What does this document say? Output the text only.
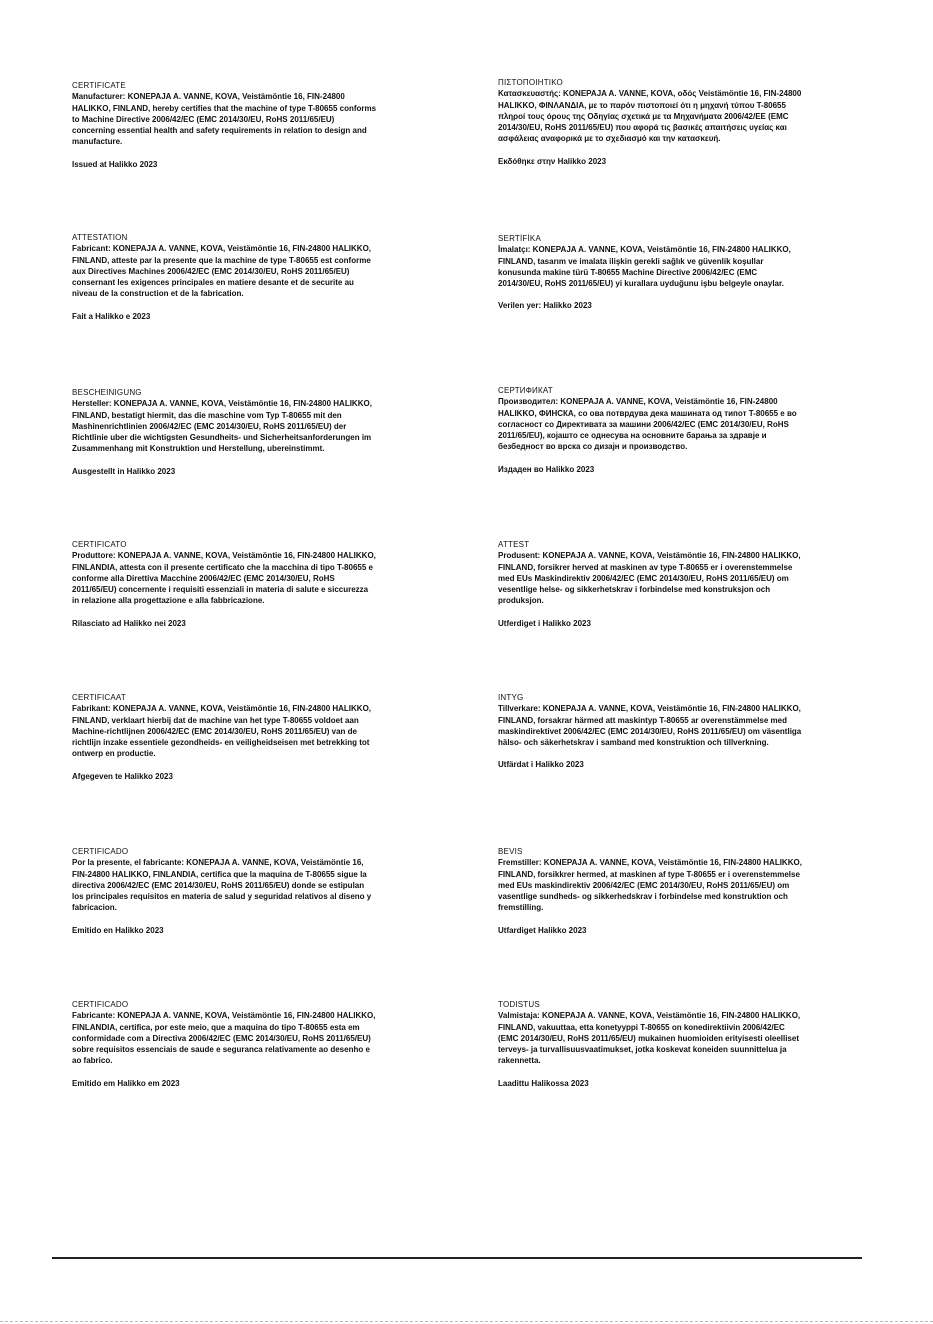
CERTIFICATE
Manufacturer: KONEPAJA A. VANNE, KOVA, Veistämöntie 16, FIN-24800 HALIKKO, FINLAND, hereby certifies that the machine of type T-80655 conforms to Machine Directive 2006/42/EC (EMC 2014/30/EU, RoHS 2011/65/EU) concerning essential health and safety requirements in relation to design and manufacture.
Issued at Halikko 2023
ATTESTATION
Fabricant: KONEPAJA A. VANNE, KOVA, Veistämöntie 16, FIN-24800 HALIKKO, FINLAND, atteste par la presente que la machine de type T-80655 est conforme aux Directives Machines 2006/42/EC (EMC 2014/30/EU, RoHS 2011/65/EU) consernant les exigences principales en matiere desante et de securite au niveau de la construction et de la fabrication.
Fait a Halikko e 2023
BESCHEINIGUNG
Hersteller: KONEPAJA A. VANNE, KOVA, Veistämöntie 16, FIN-24800 HALIKKO, FINLAND, bestatigt hiermit, das die maschine vom Typ T-80655 mit den Mashinenrichtlinien 2006/42/EC (EMC 2014/30/EU, RoHS 2011/65/EU) der Richtlinie uber die wichtigsten Gesundheits- und Sicherheitsanforderungen im Zusammenhang mit Konstruktion und Herstellung, ubereinstimmt.
Ausgestellt in Halikko 2023
CERTIFICATO
Produttore: KONEPAJA A. VANNE, KOVA, Veistämöntie 16, FIN-24800 HALIKKO, FINLANDIA, attesta con il presente certificato che la macchina di tipo T-80655 e conforme alla Direttiva Macchine 2006/42/EC (EMC 2014/30/EU, RoHS 2011/65/EU) concernente i requisiti essenziali in materia di salute e siccurezza in relazione alla progettazione e alla fabbricazione.
Rilasciato ad Halikko nei 2023
CERTIFICAAT
Fabrikant: KONEPAJA A. VANNE, KOVA, Veistämöntie 16, FIN-24800 HALIKKO, FINLAND, verklaart hierbij dat de machine van het type T-80655 voldoet aan Machine-richtlijnen 2006/42/EC (EMC 2014/30/EU, RoHS 2011/65/EU) van de richtlijn inzake essentiele gezondheids- en veiligheidseisen met betrekking tot ontwerp en productie.
Afgegeven te Halikko 2023
CERTIFICADO
Por la presente, el fabricante: KONEPAJA A. VANNE, KOVA, Veistämöntie 16, FIN-24800 HALIKKO, FINLANDIA, certifica que la maquina de T-80655 sigue la directiva 2006/42/EC (EMC 2014/30/EU, RoHS 2011/65/EU) donde se estipulan los principales requisitos en materia de salud y seguridad relativos al diseno y fabricacion.
Emitido en Halikko 2023
CERTIFICADO
Fabricante: KONEPAJA A. VANNE, KOVA, Veistämöntie 16, FIN-24800 HALIKKO, FINLANDIA, certifica, por este meio, que a maquina do tipo T-80655 esta em conformidade com a Directiva 2006/42/EC (EMC 2014/30/EU, RoHS 2011/65/EU) sobre requisitos essenciais de saude e seguranca relativamente ao desenho e ao fabrico.
Emitido em Halikko em 2023
ΠΙΣΤΟΠΟΙΗΤΙΚΟ
Κατασκευαστής: KONEPAJA A. VANNE, KOVA, οδός Veistämöntie 16, FIN-24800 HALIKKO, ΦΙΝΛΑΝΔΙΑ, με το παρόν πιστοποιεί ότι η μηχανή τύπου T-80655 πληροί τους όρους της Οδηγίας σχετικά με τα Μηχανήματα 2006/42/EE (EMC 2014/30/EU, RoHS 2011/65/EU) που αφορά τις βασικές απαιτήσεις υγείας και ασφάλειας αναφορικά με το σχεδιασμό και την κατασκευή.
Εκδόθηκε στην Halikko 2023
SERTİFİKA
İmalatçı: KONEPAJA A. VANNE, KOVA, Veistämöntie 16, FIN-24800 HALIKKO, FINLAND, tasarım ve imalata ilişkin gerekli sağlık ve güvenlik koşullar konusunda makine türü T-80655 Machine Directive 2006/42/EC (EMC 2014/30/EU, RoHS 2011/65/EU) yi kurallara uyduğunu işbu belgeyle onaylar.
Verilen yer: Halikko 2023
СЕРТИФИКАТ
Производител: KONEPAJA A. VANNE, KOVA, Veistämöntie 16, FIN-24800 HALIKKO, ФИНСКА, со ова потврдува дека машината од типот T-80655 е во согласност со Директивата за машини 2006/42/EC (EMC 2014/30/EU, RoHS 2011/65/EU), којашто се однесува на основните барања за здравје и безбедност во врска со дизајн и производство.
Издаден во Halikko 2023
ATTEST
Produsent: KONEPAJA A. VANNE, KOVA, Veistämöntie 16, FIN-24800 HALIKKO, FINLAND, forsikrer herved at maskinen av type T-80655 er i overenstemmelse med EUs Maskindirektiv 2006/42/EC (EMC 2014/30/EU, RoHS 2011/65/EU) om vesentlige helse- og sikkerhetskrav i forbindelse med konstruksjon och produksjon.
Utferdiget i Halikko 2023
INTYG
Tillverkare: KONEPAJA A. VANNE, KOVA, Veistämöntie 16, FIN-24800 HALIKKO, FINLAND, forsakrar härmed att maskintyp T-80655 ar overenstämmelse med maskindirektivet 2006/42/EC (EMC 2014/30/EU, RoHS 2011/65/EU) om väsentliga hälso- och säkerhetskrav i samband med konstruktion och tillverkning.
Utfärdat i Halikko 2023
BEVIS
Fremstiller: KONEPAJA A. VANNE, KOVA, Veistämöntie 16, FIN-24800 HALIKKO, FINLAND, forsikkrer hermed, at maskinen af type T-80655 er i overenstemmelse med EUs maskindirektiv 2006/42/EC (EMC 2014/30/EU, RoHS 2011/65/EU) om vasentlige sundheds- og sikkerhedskrav i forbindelse med konstruktion och fremstilling.
Utfardiget Halikko 2023
TODISTUS
Valmistaja: KONEPAJA A. VANNE, KOVA, Veistämöntie 16, FIN-24800 HALIKKO, FINLAND, vakuuttaa, etta konetyyppi T-80655 on konedirektiivin 2006/42/EC (EMC 2014/30/EU, RoHS 2011/65/EU) mukainen huomioiden erityisesti oleelliset terveys- ja turvallisuusvaatimukset, jotka koskevat koneiden suunnittelua ja rakennetta.
Laadittu Halikossa 2023
